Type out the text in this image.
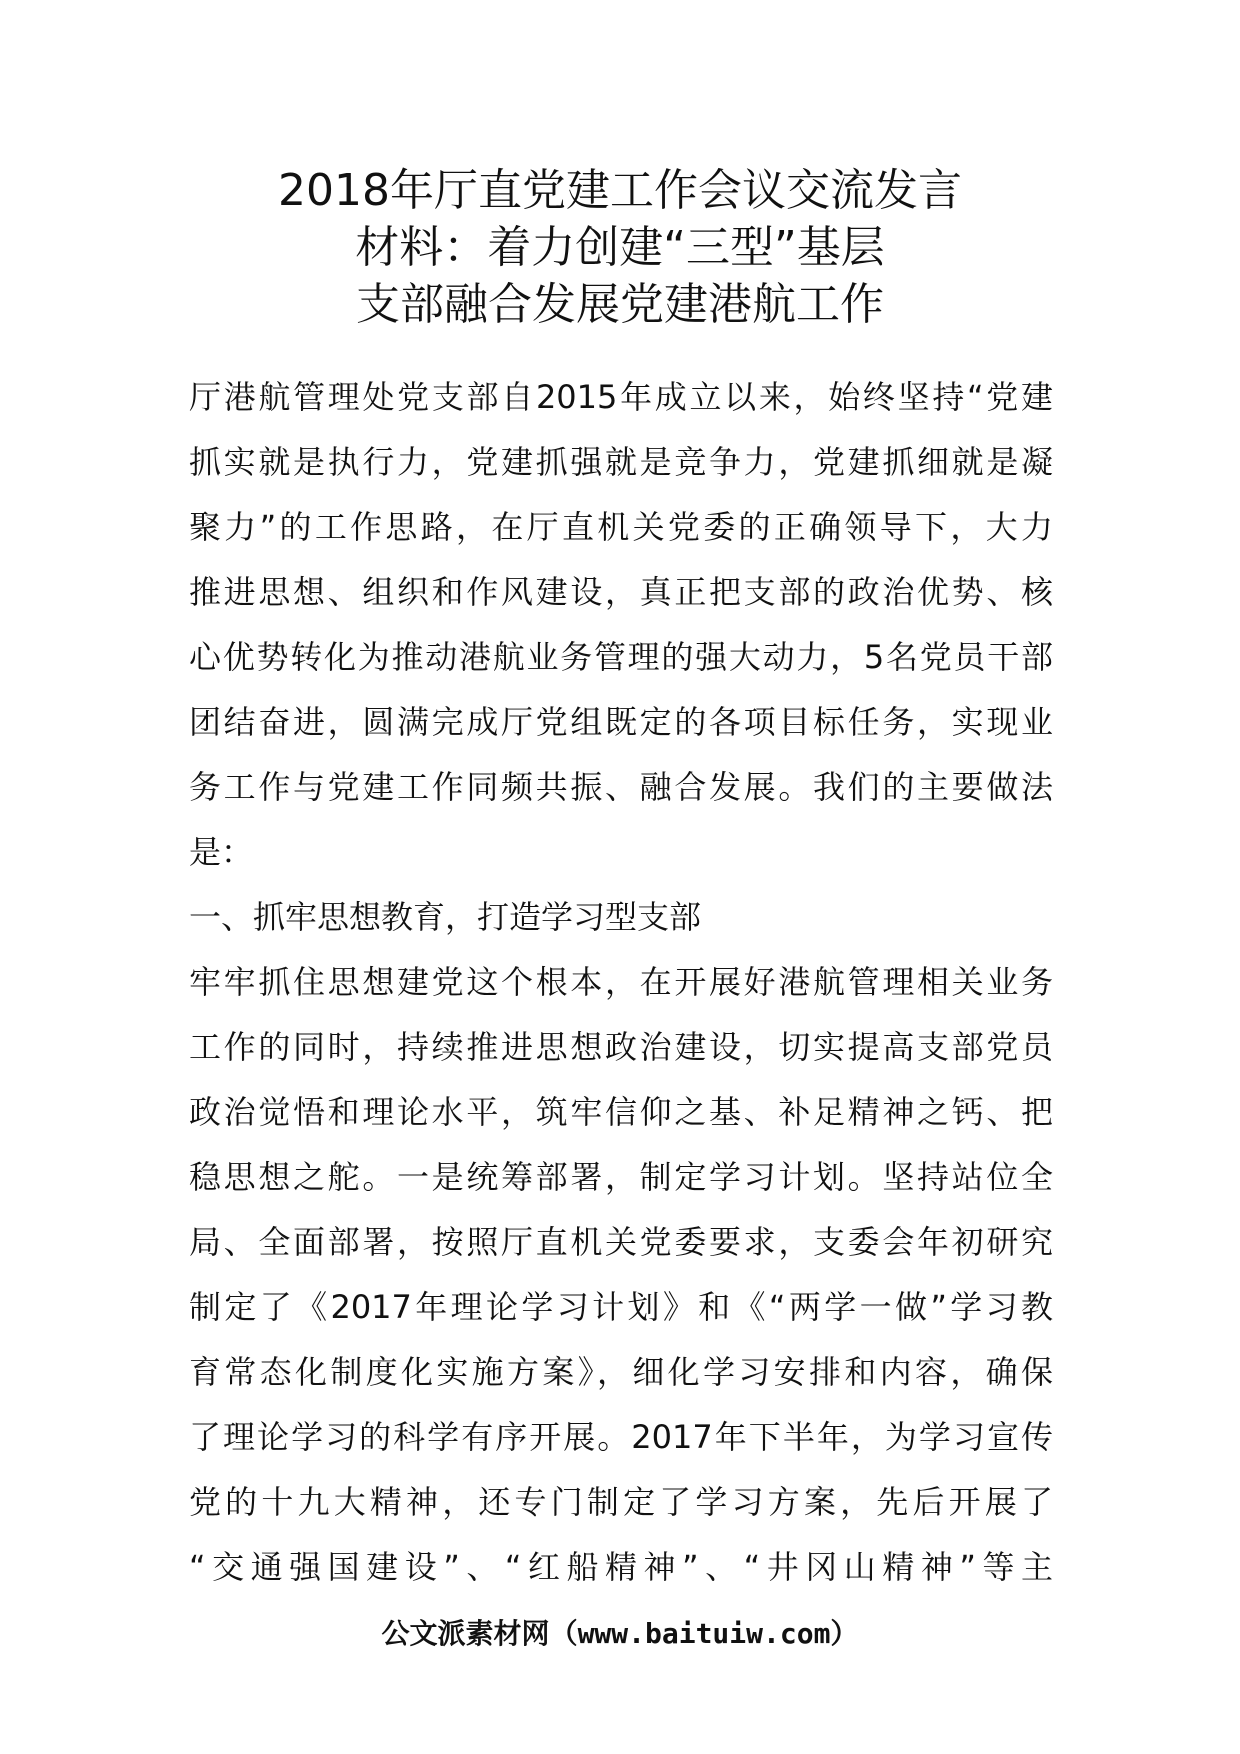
2018年厅直党建工作会议交流发言
材料：着力创建“三型”基层
支部融合发展党建港航工作
厅港航管理处党支部自2015年成立以来，始终坚持“党建
抓实就是执行力，党建抓强就是竞争力，党建抓细就是凝
聚力”的工作思路，在厅直机关党委的正确领导下，大力
推进思想、组织和作风建设，真正把支部的政治优势、核
心优势转化为推动港航业务管理的强大动力，5名党员干部
团结奋进，圆满完成厅党组既定的各项目标任务，实现业
务工作与党建工作同频共振、融合发展。我们的主要做法
是：
一、抓牢思想教育，打造学习型支部
牢牢抓住思想建党这个根本，在开展好港航管理相关业务
工作的同时，持续推进思想政治建设，切实提高支部党员
政治觉悟和理论水平，筑牢信仰之基、补足精神之钙、把
稳思想之舵。一是统筹部署，制定学习计划。坚持站位全
局、全面部署，按照厅直机关党委要求，支委会年初研究
制定了《2017年理论学习计划》和《“两学一做”学习教
育常态化制度化实施方案》，细化学习安排和内容，确保
了理论学习的科学有序开展。2017年下半年，为学习宣传
党的十九大精神，还专门制定了学习方案，先后开展了
“交通强国建设”、“红船精神”、“井冈山精神”等主
公文派素材网（www.baituiw.com）
